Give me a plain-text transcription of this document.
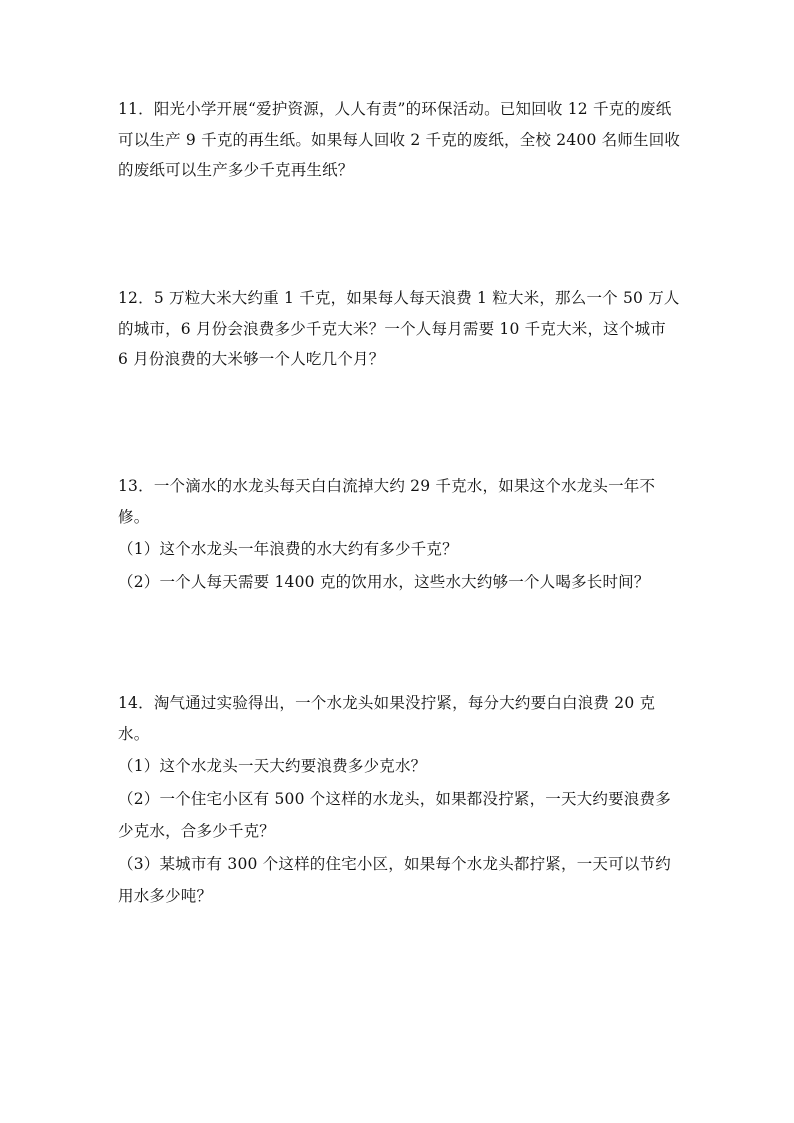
11．阳光小学开展“爱护资源，人人有责”的环保活动。已知回收 12 千克的废纸
可以生产 9 千克的再生纸。如果每人回收 2 千克的废纸，全校 2400 名师生回收
的废纸可以生产多少千克再生纸？
12．5 万粒大米大约重 1 千克，如果每人每天浪费 1 粒大米，那么一个 50 万人
的城市，6 月份会浪费多少千克大米？一个人每月需要 10 千克大米，这个城市
6 月份浪费的大米够一个人吃几个月？
13．一个滴水的水龙头每天白白流掉大约 29 千克水，如果这个水龙头一年不
修。
（1）这个水龙头一年浪费的水大约有多少千克？
（2）一个人每天需要 1400 克的饮用水，这些水大约够一个人喝多长时间？
14．淘气通过实验得出，一个水龙头如果没拧紧，每分大约要白白浪费 20 克
水。
（1）这个水龙头一天大约要浪费多少克水？
（2）一个住宅小区有 500 个这样的水龙头，如果都没拧紧，一天大约要浪费多
少克水，合多少千克？
（3）某城市有 300 个这样的住宅小区，如果每个水龙头都拧紧，一天可以节约
用水多少吨？
